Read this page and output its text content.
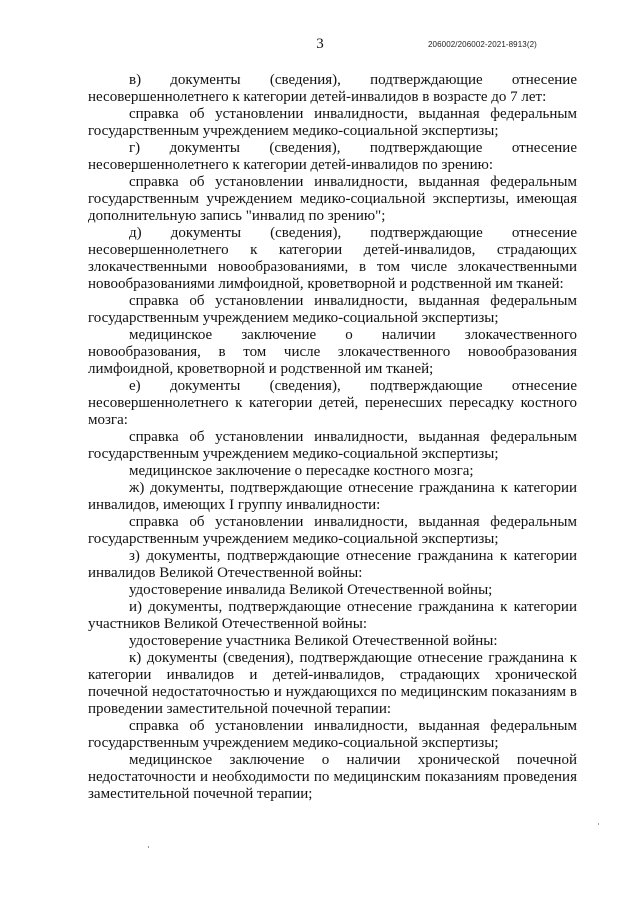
3	206002/206002-2021-8913(2)

в) документы (сведения), подтверждающие отнесение несовершеннолетнего к категории детей-инвалидов в возрасте до 7 лет:

справка об установлении инвалидности, выданная федеральным государственным учреждением медико-социальной экспертизы;

г) документы (сведения), подтверждающие отнесение несовершеннолетнего к категории детей-инвалидов по зрению:

справка об установлении инвалидности, выданная федеральным государственным учреждением медико-социальной экспертизы, имеющая дополнительную запись "инвалид по зрению";

д) документы (сведения), подтверждающие отнесение несовершеннолетнего к категории детей-инвалидов, страдающих злокачественными новообразованиями, в том числе злокачественными новообразованиями лимфоидной, кроветворной и родственной им тканей:

справка об установлении инвалидности, выданная федеральным государственным учреждением медико-социальной экспертизы;

медицинское заключение о наличии злокачественного новообразования, в том числе злокачественного новообразования лимфоидной, кроветворной и родственной им тканей;

е) документы (сведения), подтверждающие отнесение несовершеннолетнего к категории детей, перенесших пересадку костного мозга:

справка об установлении инвалидности, выданная федеральным государственным учреждением медико-социальной экспертизы;

медицинское заключение о пересадке костного мозга;

ж) документы, подтверждающие отнесение гражданина к категории инвалидов, имеющих I группу инвалидности:

справка об установлении инвалидности, выданная федеральным государственным учреждением медико-социальной экспертизы;

з) документы, подтверждающие отнесение гражданина к категории инвалидов Великой Отечественной войны:

удостоверение инвалида Великой Отечественной войны;

и) документы, подтверждающие отнесение гражданина к категории участников Великой Отечественной войны:

удостоверение участника Великой Отечественной войны:

к) документы (сведения), подтверждающие отнесение гражданина к категории инвалидов и детей-инвалидов, страдающих хронической почечной недостаточностью и нуждающихся по медицинским показаниям в проведении заместительной почечной терапии:

справка об установлении инвалидности, выданная федеральным государственным учреждением медико-социальной экспертизы;

медицинское заключение о наличии хронической почечной недостаточности и необходимости по медицинским показаниям проведения заместительной почечной терапии;
